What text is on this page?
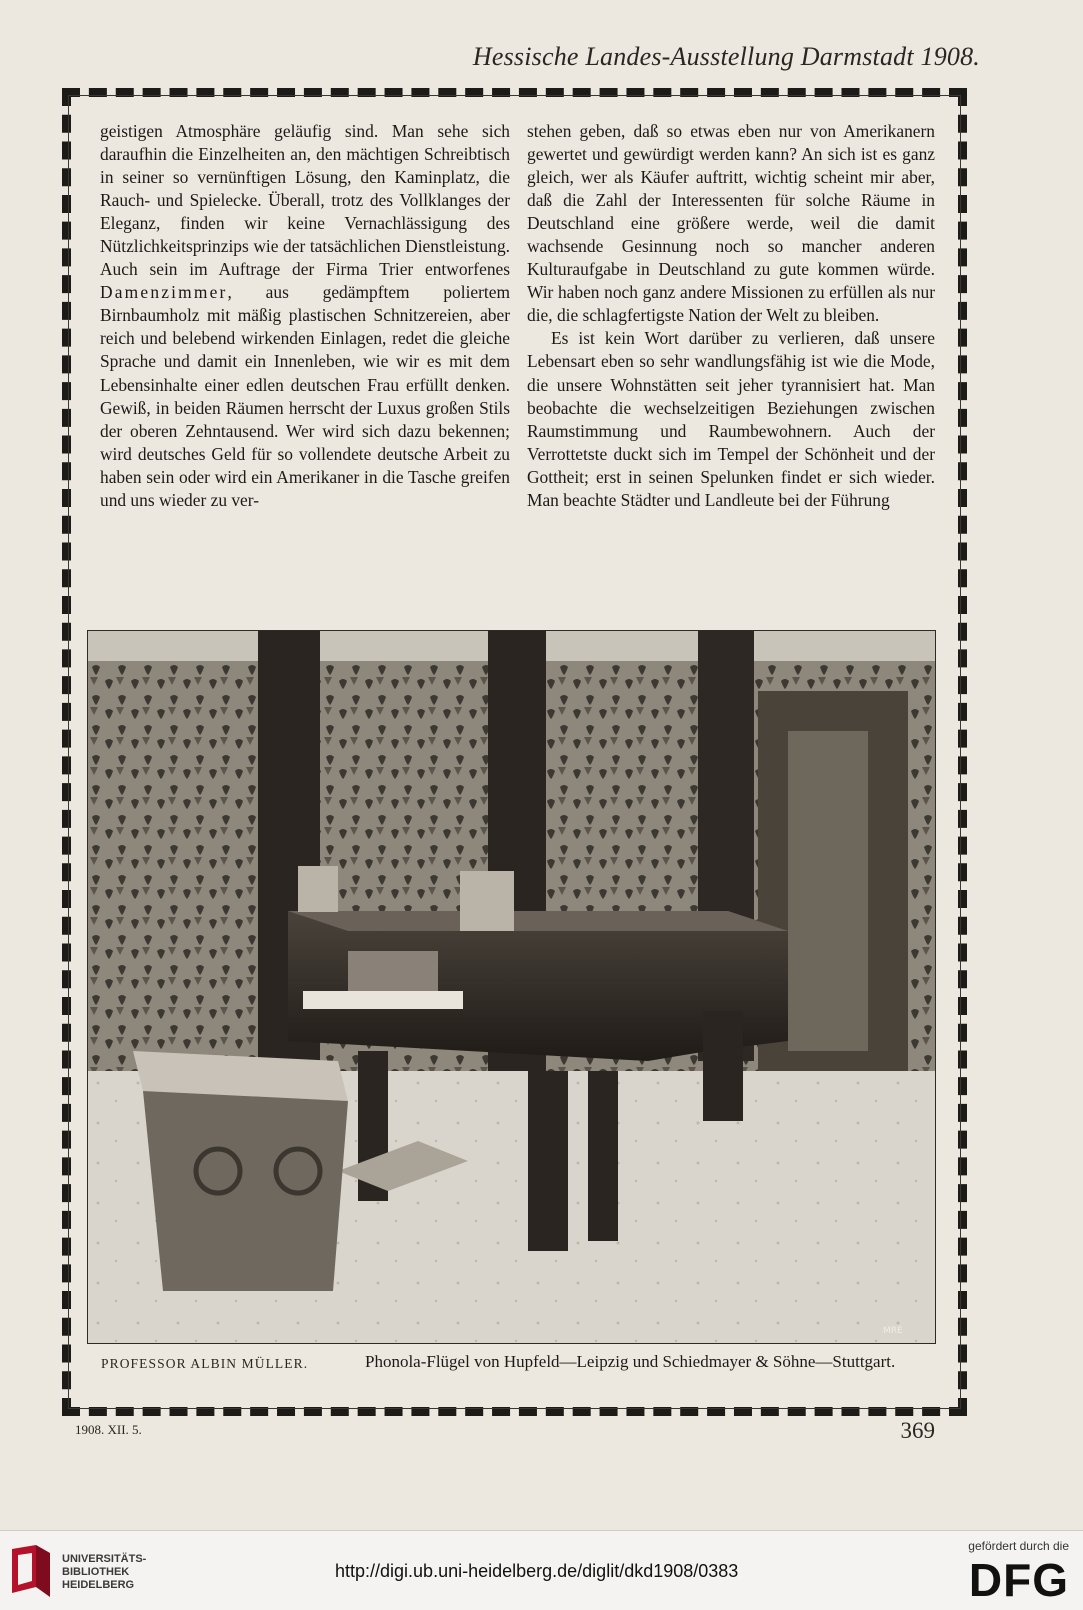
Hessische Landes-Ausstellung Darmstadt 1908.

geistigen Atmosphäre geläufig sind. Man sehe sich daraufhin die Einzelheiten an, den mächtigen Schreibtisch in seiner so vernünftigen Lösung, den Kaminplatz, die Rauch- und Spielecke. Überall, trotz des Vollklanges der Eleganz, finden wir keine Vernachlässigung des Nützlichkeitsprinzips wie der tatsächlichen Dienstleistung. Auch sein im Auftrage der Firma Trier entworfenes Damenzimmer, aus gedämpftem poliertem Birnbaumholz mit mäßig plastischen Schnitzereien, aber reich und belebend wirkenden Einlagen, redet die gleiche Sprache und damit ein Innenleben, wie wir es mit dem Lebensinhalte einer edlen deutschen Frau erfüllt denken. Gewiß, in beiden Räumen herrscht der Luxus großen Stils der oberen Zehntausend. Wer wird sich dazu bekennen; wird deutsches Geld für so vollendete deutsche Arbeit zu haben sein oder wird ein Amerikaner in die Tasche greifen und uns wieder zu ver-

stehen geben, daß so etwas eben nur von Amerikanern gewertet und gewürdigt werden kann? An sich ist es ganz gleich, wer als Käufer auftritt, wichtig scheint mir aber, daß die Zahl der Interessenten für solche Räume in Deutschland eine größere werde, weil die damit wachsende Gesinnung noch so mancher anderen Kulturaufgabe in Deutschland zu gute kommen würde. Wir haben noch ganz andere Missionen zu erfüllen als nur die, die schlagfertigste Nation der Welt zu bleiben.

Es ist kein Wort darüber zu verlieren, daß unsere Lebensart eben so sehr wandlungsfähig ist wie die Mode, die unsere Wohnstätten seit jeher tyrannisiert hat. Man beobachte die wechselzeitigen Beziehungen zwischen Raumstimmung und Raumbewohnern. Auch der Verrottetste duckt sich im Tempel der Schönheit und der Gottheit; erst in seinen Spelunken findet er sich wieder. Man beachte Städter und Landleute bei der Führung

MRE
PROFESSOR ALBIN MÜLLER.	Phonola-Flügel von Hupfeld—Leipzig und Schiedmayer & Söhne—Stuttgart.
1908. XII. 5.	369
UNIVERSITÄTS-
BIBLIOTHEK
HEIDELBERG
http://digi.ub.uni-heidelberg.de/diglit/dkd1908/0383
gefördert durch die
DFG
